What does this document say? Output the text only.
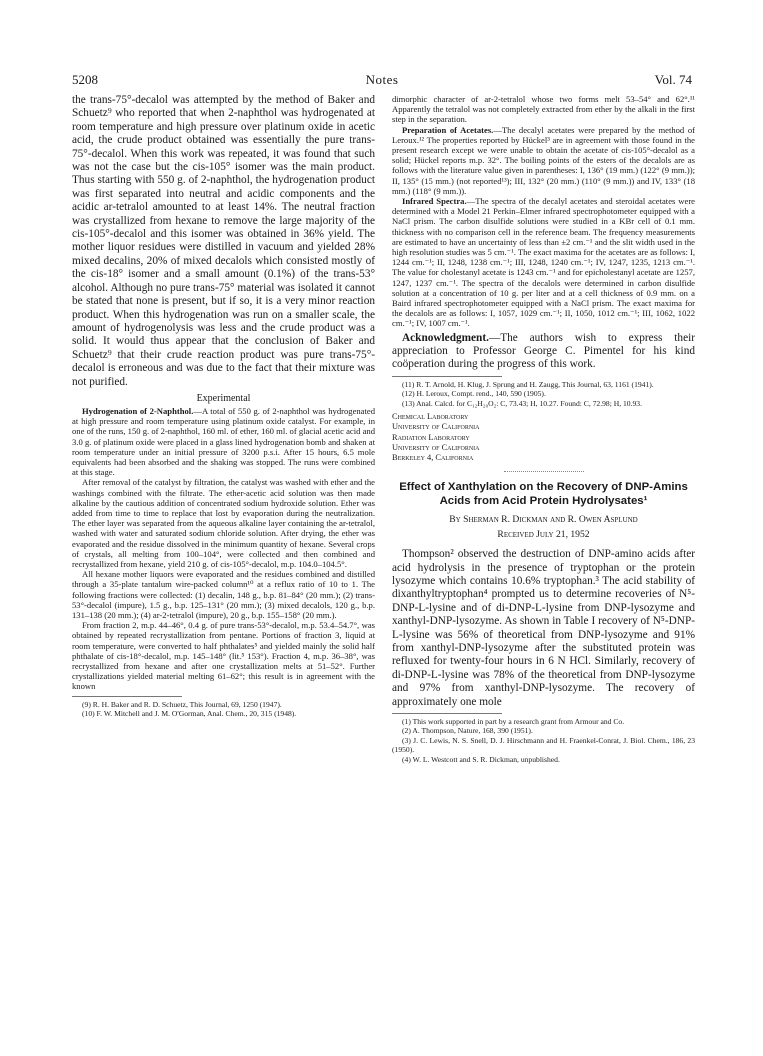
5208	Notes	Vol. 74

the trans-75°-decalol was attempted by the method of Baker and Schuetz⁹ who reported that when 2-naphthol was hydrogenated at room temperature and high pressure over platinum oxide in acetic acid, the crude product obtained was essentially the pure trans-75°-decalol. When this work was repeated, it was found that such was not the case but the cis-105° isomer was the main product. Thus starting with 550 g. of 2-naphthol, the hydrogenation product was first separated into neutral and acidic components and the acidic ar-tetralol amounted to at least 14%. The neutral fraction was crystallized from hexane to remove the large majority of the cis-105°-decalol and this isomer was obtained in 36% yield. The mother liquor residues were distilled in vacuum and yielded 28% mixed decalins, 20% of mixed decalols which consisted mostly of the cis-18° isomer and a small amount (0.1%) of the trans-53° alcohol. Although no pure trans-75° material was isolated it cannot be stated that none is present, but if so, it is a very minor reaction product. When this hydrogenation was run on a smaller scale, the amount of hydrogenolysis was less and the crude product was a solid. It would thus appear that the conclusion of Baker and Schuetz⁹ that their crude reaction product was pure trans-75°-decalol is erroneous and was due to the fact that their mixture was not purified.

Experimental

Hydrogenation of 2-Naphthol.—A total of 550 g. of 2-naphthol was hydrogenated at high pressure and room temperature using platinum oxide catalyst. For example, in one of the runs, 150 g. of 2-naphthol, 160 ml. of ether, 160 ml. of glacial acetic acid and 3.0 g. of platinum oxide were placed in a glass lined hydrogenation bomb and shaken at room temperature under an initial pressure of 3200 p.s.i. After 15 hours, 6.5 mole equivalents had been absorbed and the shaking was stopped. The runs were combined at this stage.

After removal of the catalyst by filtration, the catalyst was washed with ether and the washings combined with the filtrate. The ether-acetic acid solution was then made alkaline by the cautious addition of concentrated sodium hydroxide solution. Ether was added from time to time to replace that lost by evaporation during the neutralization. The ether layer was separated from the aqueous alkaline layer containing the ar-tetralol, washed with water and saturated sodium chloride solution. After drying, the ether was evaporated and the residue dissolved in the minimum quantity of hexane. Several crops of crystals, all melting from 100–104°, were collected and then combined and recrystallized from hexane, yield 210 g. of cis-105°-decalol, m.p. 104.0–104.5°.

All hexane mother liquors were evaporated and the residues combined and distilled through a 35-plate tantalum wire-packed column¹⁰ at a reflux ratio of 10 to 1. The following fractions were collected: (1) decalin, 148 g., b.p. 81–84° (20 mm.); (2) trans-53°-decalol (impure), 1.5 g., b.p. 125–131° (20 mm.); (3) mixed decalols, 120 g., b.p. 131–138 (20 mm.); (4) ar-2-tetralol (impure), 20 g., b.p. 155–158° (20 mm.).

From fraction 2, m.p. 44–46°, 0.4 g. of pure trans-53°-decalol, m.p. 53.4–54.7°, was obtained by repeated recrystallization from pentane. Portions of fraction 3, liquid at room temperature, were converted to half phthalates⁵ and yielded mainly the solid half phthalate of cis-18°-decalol, m.p. 145–148° (lit.⁵ 153°). Fraction 4, m.p. 36–38°, was recrystallized from hexane and after one crystallization melts at 51–52°. Further crystallizations yielded material melting 61–62°; this result is in agreement with the known

(9) R. H. Baker and R. D. Schuetz, This Journal, 69, 1250 (1947).

(10) F. W. Mitchell and J. M. O'Gorman, Anal. Chem., 20, 315 (1948).

dimorphic character of ar-2-tetralol whose two forms melt 53–54° and 62°.¹¹ Apparently the tetralol was not completely extracted from ether by the alkali in the first step in the separation.

Preparation of Acetates.—The decalyl acetates were prepared by the method of Leroux.¹² The properties reported by Hückel³ are in agreement with those found in the present research except we were unable to obtain the acetate of cis-105°-decalol as a solid; Hückel reports m.p. 32°. The boiling points of the esters of the decalols are as follows with the literature value given in parentheses: I, 136° (19 mm.) (122° (9 mm.)); II, 135° (15 mm.) (not reported¹³); III, 132° (20 mm.) (110° (9 mm.)) and IV, 133° (18 mm.) (118° (9 mm.)).

Infrared Spectra.—The spectra of the decalyl acetates and steroidal acetates were determined with a Model 21 Perkin–Elmer infrared spectrophotometer equipped with a NaCl prism. The carbon disulfide solutions were studied in a KBr cell of 0.1 mm. thickness with no comparison cell in the reference beam. The frequency measurements are estimated to have an uncertainty of less than ±2 cm.⁻¹ and the slit width used in the high resolution studies was 5 cm.⁻¹. The exact maxima for the acetates are as follows: I, 1244 cm.⁻¹; II, 1248, 1238 cm.⁻¹; III, 1248, 1240 cm.⁻¹; IV, 1247, 1235, 1213 cm.⁻¹. The value for cholestanyl acetate is 1243 cm.⁻¹ and for epicholestanyl acetate are 1257, 1247, 1237 cm.⁻¹. The spectra of the decalols were determined in carbon disulfide solution at a concentration of 10 g. per liter and at a cell thickness of 0.9 mm. on a Baird infrared spectrophotometer equipped with a NaCl prism. The exact maxima for the decalols are as follows: I, 1057, 1029 cm.⁻¹; II, 1050, 1012 cm.⁻¹; III, 1062, 1022 cm.⁻¹; IV, 1007 cm.⁻¹.

Acknowledgment.—The authors wish to express their appreciation to Professor George C. Pimentel for his kind coöperation during the progress of this work.

(11) R. T. Arnold, H. Klug, J. Sprung and H. Zaugg, This Journal, 63, 1161 (1941).

(12) H. Leroux, Compt. rend., 140, 590 (1905).

(13) Anal. Calcd. for C₁₂H₂₀O₂: C, 73.43; H, 10.27. Found: C, 72.98; H, 10.93.

Chemical Laboratory
University of California
Radiation Laboratory
University of California
Berkeley 4, California

Effect of Xanthylation on the Recovery of DNP-Amins Acids from Acid Protein Hydrolysates¹

By Sherman R. Dickman and R. Owen Asplund
Received July 21, 1952

Thompson² observed the destruction of DNP-amino acids after acid hydrolysis in the presence of tryptophan or the protein lysozyme which contains 10.6% tryptophan.³ The acid stability of dixanthyltryptophan⁴ prompted us to determine recoveries of N⁵-DNP-L-lysine and of di-DNP-L-lysine from DNP-lysozyme and xanthyl-DNP-lysozyme. As shown in Table I recovery of N⁵-DNP-L-lysine was 56% of theoretical from DNP-lysozyme and 91% from xanthyl-DNP-lysozyme after the substituted protein was refluxed for twenty-four hours in 6 N HCl. Similarly, recovery of di-DNP-L-lysine was 78% of the theoretical from DNP-lysozyme and 97% from xanthyl-DNP-lysozyme. The recovery of approximately one mole

(1) This work supported in part by a research grant from Armour and Co.

(2) A. Thompson, Nature, 168, 390 (1951).

(3) J. C. Lewis, N. S. Snell, D. J. Hirschmann and H. Fraenkel-Conrat, J. Biol. Chem., 186, 23 (1950).

(4) W. L. Westcott and S. R. Dickman, unpublished.
